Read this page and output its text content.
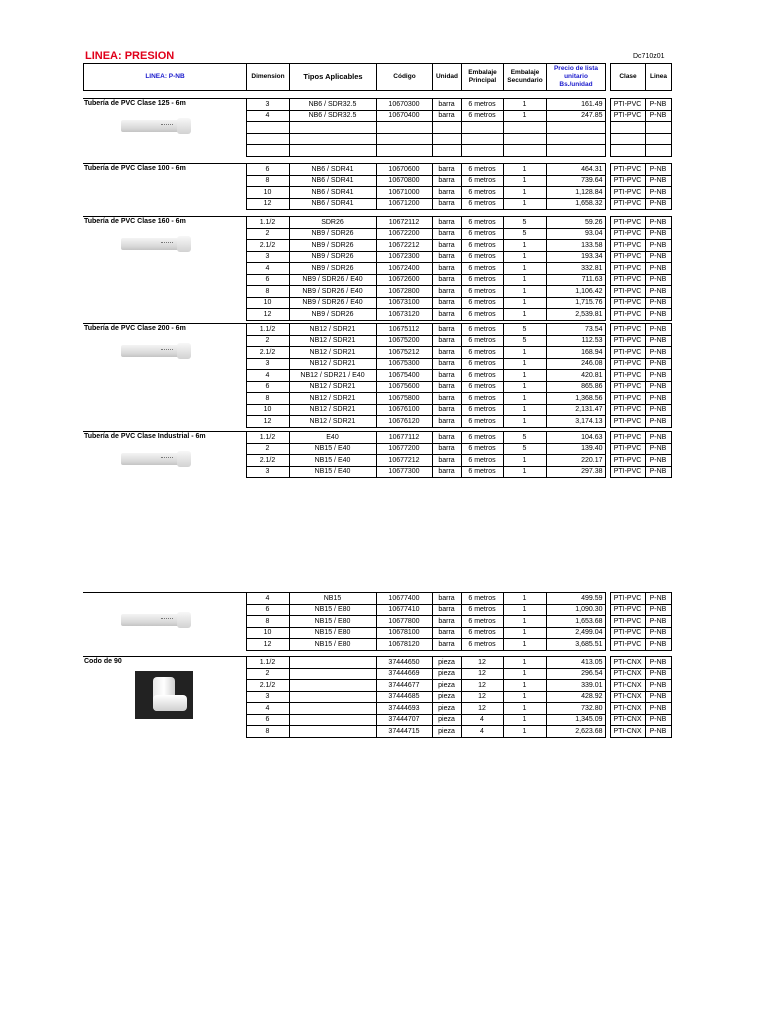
LINEA: PRESION	Dc710z01
LINEA: P-NB	Dimension	Tipos Aplicables	Código	Unidad	Embalaje Principal	Embalaje Secundario	Precio de lista unitario Bs./unidad		Clase	Linea
Tubería de PVC Clase 125 - 6m	3	NB6 / SDR32.5	10670300	barra	6 metros	1	161.49		PTI-PVC	P-NB
	4	NB6 / SDR32.5	10670400	barra	6 metros	1	247.85		PTI-PVC	P-NB

Tubería de PVC Clase 100 - 6m	6	NB6 / SDR41	10670600	barra	6 metros	1	464.31		PTI-PVC	P-NB
	8	NB6 / SDR41	10670800	barra	6 metros	1	739.64		PTI-PVC	P-NB
	10	NB6 / SDR41	10671000	barra	6 metros	1	1,128.84		PTI-PVC	P-NB
	12	NB6 / SDR41	10671200	barra	6 metros	1	1,658.32		PTI-PVC	P-NB
Tubería de PVC Clase 160 - 6m	1.1/2	SDR26	10672112	barra	6 metros	5	59.26		PTI-PVC	P-NB
	2	NB9 / SDR26	10672200	barra	6 metros	5	93.04		PTI-PVC	P-NB
	2.1/2	NB9 / SDR26	10672212	barra	6 metros	1	133.58		PTI-PVC	P-NB
	3	NB9 / SDR26	10672300	barra	6 metros	1	193.34		PTI-PVC	P-NB
	4	NB9 / SDR26	10672400	barra	6 metros	1	332.81		PTI-PVC	P-NB
	6	NB9 / SDR26 / E40	10672600	barra	6 metros	1	711.63		PTI-PVC	P-NB
	8	NB9 / SDR26 / E40	10672800	barra	6 metros	1	1,106.42		PTI-PVC	P-NB
	10	NB9 / SDR26 / E40	10673100	barra	6 metros	1	1,715.76		PTI-PVC	P-NB
	12	NB9 / SDR26	10673120	barra	6 metros	1	2,539.81		PTI-PVC	P-NB
Tubería de PVC Clase 200 - 6m	1.1/2	NB12 / SDR21	10675112	barra	6 metros	5	73.54		PTI-PVC	P-NB
	2	NB12 / SDR21	10675200	barra	6 metros	5	112.53		PTI-PVC	P-NB
	2.1/2	NB12 / SDR21	10675212	barra	6 metros	1	168.94		PTI-PVC	P-NB
	3	NB12 / SDR21	10675300	barra	6 metros	1	246.08		PTI-PVC	P-NB
	4	NB12 / SDR21 / E40	10675400	barra	6 metros	1	420.81		PTI-PVC	P-NB
	6	NB12 / SDR21	10675600	barra	6 metros	1	865.86		PTI-PVC	P-NB
	8	NB12 / SDR21	10675800	barra	6 metros	1	1,368.56		PTI-PVC	P-NB
	10	NB12 / SDR21	10676100	barra	6 metros	1	2,131.47		PTI-PVC	P-NB
	12	NB12 / SDR21	10676120	barra	6 metros	1	3,174.13		PTI-PVC	P-NB
Tubería de PVC Clase Industrial - 6m	1.1/2	E40	10677112	barra	6 metros	5	104.63		PTI-PVC	P-NB
	2	NB15 / E40	10677200	barra	6 metros	5	139.40		PTI-PVC	P-NB
	2.1/2	NB15 / E40	10677212	barra	6 metros	1	220.17		PTI-PVC	P-NB
	3	NB15 / E40	10677300	barra	6 metros	1	297.38		PTI-PVC	P-NB
	4	NB15	10677400	barra	6 metros	1	499.59		PTI-PVC	P-NB
	6	NB15 / E80	10677410	barra	6 metros	1	1,090.30		PTI-PVC	P-NB
	8	NB15 / E80	10677800	barra	6 metros	1	1,653.68		PTI-PVC	P-NB
	10	NB15 / E80	10678100	barra	6 metros	1	2,499.04		PTI-PVC	P-NB
	12	NB15 / E80	10678120	barra	6 metros	1	3,685.51		PTI-PVC	P-NB
Codo de 90	1.1/2		37444650	pieza	12	1	413.05		PTI-CNX	P-NB
	2		37444669	pieza	12	1	296.54		PTI-CNX	P-NB
	2.1/2		37444677	pieza	12	1	339.01		PTI-CNX	P-NB
	3		37444685	pieza	12	1	428.92		PTI-CNX	P-NB
	4		37444693	pieza	12	1	732.80		PTI-CNX	P-NB
	6		37444707	pieza	4	1	1,345.09		PTI-CNX	P-NB
	8		37444715	pieza	4	1	2,623.68		PTI-CNX	P-NB
